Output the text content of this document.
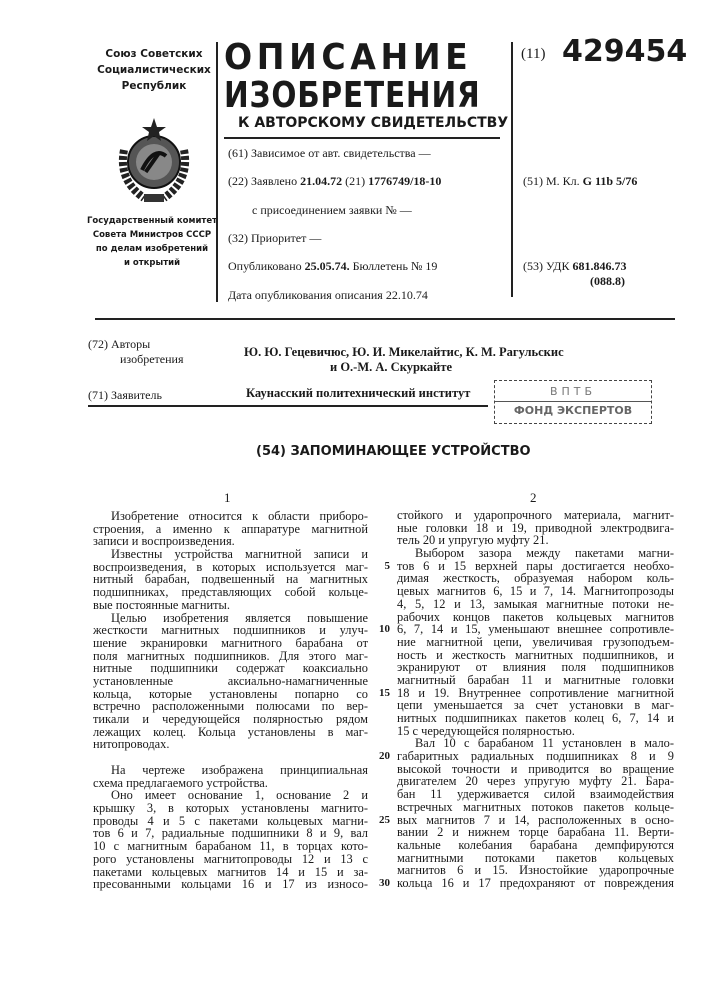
Союз Советских
Социалистических
Республик
Государственный комитет
Совета Министров СССР
по делам изобретений
и открытий
ОПИСАНИЕ
ИЗОБРЕТЕНИЯ
К АВТОРСКОМУ СВИДЕТЕЛЬСТВУ
(11) 429454
(61) Зависимое от авт. свидетельства —
(22) Заявлено 21.04.72 (21) 1776749/18-10
с присоединением заявки № —
(32) Приоритет —
Опубликовано 25.05.74. Бюллетень № 19
Дата опубликования описания 22.10.74
(51) М. Кл. G 11b 5/76
(53) УДК 681.846.73
(088.8)
(72) Авторы
изобретения	Ю. Ю. Гецевичюс, Ю. И. Микелайтис, К. М. Рагульскис
и О.-М. А. Скуркайте
(71) Заявитель	Каунасский политехнический институт	ВПТБ
ФОНД ЭКСПЕРТОВ
(54) ЗАПОМИНАЮЩЕЕ УСТРОЙСТВО
1	2
Изобретение относится к области приборо-
строения, а именно к аппаратуре магнитной
записи и воспроизведения.
Известны устройства магнитной записи и
воспроизведения, в которых используется маг-
нитный барабан, подвешенный на магнитных
подшипниках, представляющих собой кольце-
вые постоянные магниты.
Целью изобретения является повышение
жесткости магнитных подшипников и улуч-
шение экранировки магнитного барабана от
поля магнитных подшипников. Для этого маг-
нитные подшипники содержат коаксиально
установленные аксиально-намагниченные
кольца, которые установлены попарно со
встречно расположенными полюсами по вер-
тикали и чередующейся полярностью рядом
лежащих колец. Кольца установлены в маг-
нитопроводах.
На чертеже изображена принципиальная
схема предлагаемого устройства.
Оно имеет основание 1, основание 2 и
крышку 3, в которых установлены магнито-
проводы 4 и 5 с пакетами кольцевых магни-
тов 6 и 7, радиальные подшипники 8 и 9, вал
10 с магнитным барабаном 11, в торцах кото-
рого установлены магнитопроводы 12 и 13 с
пакетами кольцевых магнитов 14 и 15 и за-
пресованными кольцами 16 и 17 из износо-
стойкого и ударопрочного материала, магнит-
ные головки 18 и 19, приводной электродвига-
тель 20 и упругую муфту 21.
Выбором зазора между пакетами магни-
тов 6 и 15 верхней пары достигается необхо-
димая жесткость, образуемая набором коль-
цевых магнитов 6, 15 и 7, 14. Магнитопрозоды
4, 5, 12 и 13, замыкая магнитные потоки не-
рабочих концов пакетов кольцевых магнитов
6, 7, 14 и 15, уменьшают внешнее сопротивле-
ние магнитной цепи, увеличивая грузоподъем-
ность и жесткость магнитных подшипников, и
экранируют от влияния поля подшипников
магнитный барабан 11 и магнитные головки
18 и 19. Внутреннее сопротивление магнитной
цепи уменьшается за счет установки в маг-
нитных подшипниках пакетов колец 6, 7, 14 и
15 с чередующейся полярностью.
Вал 10 с барабаном 11 установлен в мало-
габаритных радиальных подшипниках 8 и 9
высокой точности и приводится во вращение
двигателем 20 через упругую муфту 21. Бара-
бан 11 удерживается силой взаимодействия
встречных магнитных потоков пакетов кольце-
вых магнитов 7 и 14, расположенных в осно-
вании 2 и нижнем торце барабана 11. Верти-
кальные колебания барабана демпфируются
магнитными потоками пакетов кольцевых
магнитов 6 и 15. Изностойкие ударопрочные
кольца 16 и 17 предохраняют от повреждения
5
10
15
20
25
30
